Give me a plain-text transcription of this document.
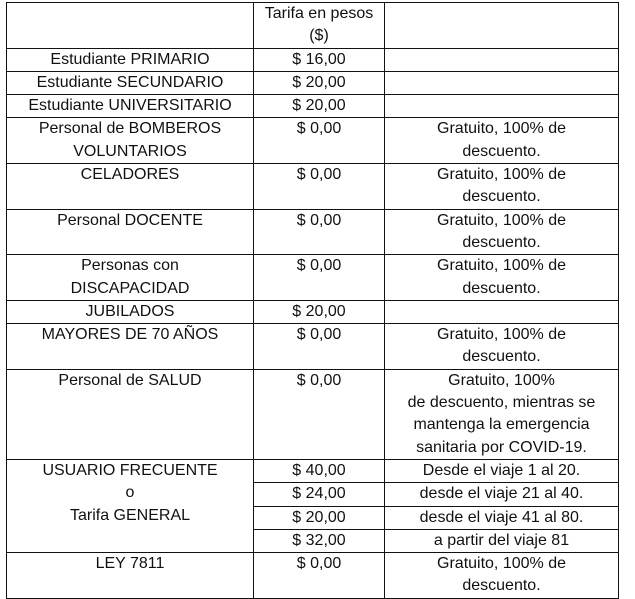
	Tarifa en pesos
($)	

Estudiante PRIMARIO	$ 16,00	

Estudiante SECUNDARIO	$ 20,00	

Estudiante UNIVERSITARIO	$ 20,00	

Personal de BOMBEROS
VOLUNTARIOS	$ 0,00	Gratuito, 100% de
descuento.

CELADORES	$ 0,00	Gratuito, 100% de
descuento.

Personal DOCENTE	$ 0,00	Gratuito, 100% de
descuento.

Personas con
DISCAPACIDAD	$ 0,00	Gratuito, 100% de
descuento.

JUBILADOS	$ 20,00	

MAYORES DE 70 AÑOS	$ 0,00	Gratuito, 100% de
descuento.

Personal de SALUD	$ 0,00	Gratuito, 100%
de descuento, mientras se
mantenga la emergencia
sanitaria por COVID-19.

USUARIO FRECUENTE
o
Tarifa GENERAL	$ 40,00	Desde el viaje 1 al 20.
	$ 24,00	desde el viaje 21 al 40.
	$ 20,00	desde el viaje 41 al 80.
	$ 32,00	a partir del viaje 81

LEY 7811	$ 0,00	Gratuito, 100% de
descuento.
